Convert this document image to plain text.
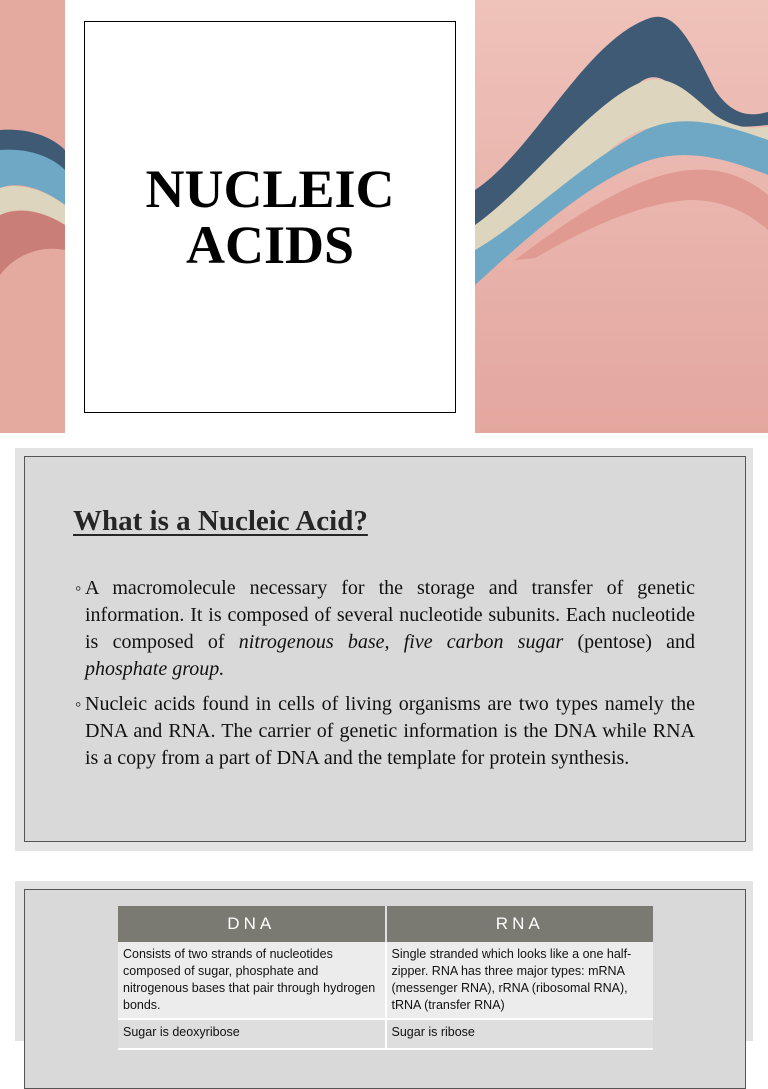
NUCLEIC
ACIDS
What is a Nucleic Acid?
◦ A macromolecule necessary for the storage and transfer of genetic information. It is composed of several nucleotide subunits. Each nucleotide is composed of nitrogenous base, five carbon sugar (pentose) and phosphate group.
◦ Nucleic acids found in cells of living organisms are two types namely the DNA and RNA. The carrier of genetic information is the DNA while RNA is a copy from a part of DNA and the template for protein synthesis.
DNA	RNA
Consists of two strands of nucleotides composed of sugar, phosphate and nitrogenous bases that pair through hydrogen bonds.	Single stranded which looks like a one half-zipper. RNA has three major types: mRNA (messenger RNA), rRNA (ribosomal RNA), tRNA (transfer RNA)
Sugar is deoxyribose	Sugar is ribose
